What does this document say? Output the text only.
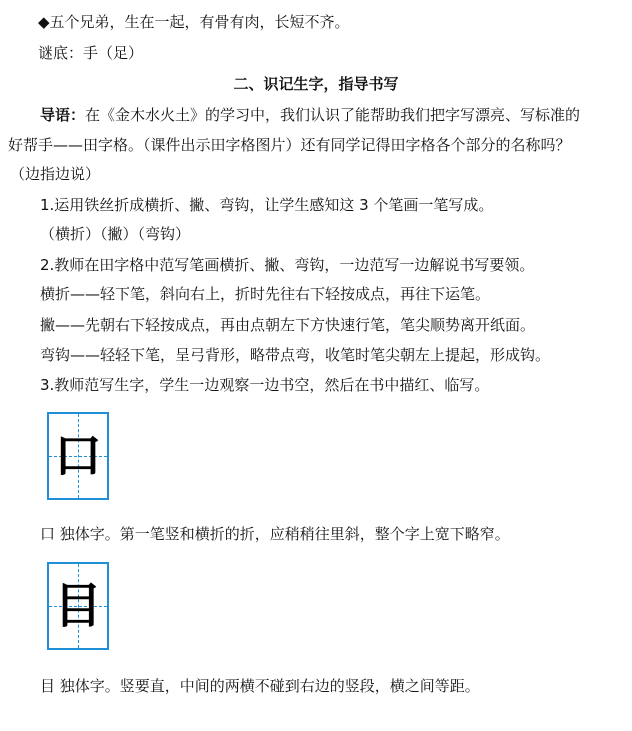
◆五个兄弟，生在一起，有骨有肉，长短不齐。
谜底：手（足）
二、识记生字，指导书写
导语：在《金木水火土》的学习中，我们认识了能帮助我们把字写漂亮、写标准的
好帮手——田字格。（课件出示田字格图片）还有同学记得田字格各个部分的名称吗？
（边指边说）
1.运用铁丝折成横折、撇、弯钩，让学生感知这 3 个笔画一笔写成。
（横折）（撇）（弯钩）
2.教师在田字格中范写笔画横折、撇、弯钩，一边范写一边解说书写要领。
横折——轻下笔，斜向右上，折时先往右下轻按成点，再往下运笔。
撇——先朝右下轻按成点，再由点朝左下方快速行笔，笔尖顺势离开纸面。
弯钩——轻轻下笔，呈弓背形，略带点弯，收笔时笔尖朝左上提起，形成钩。
3.教师范写生字，学生一边观察一边书空，然后在书中描红、临写。
口
口 独体字。第一笔竖和横折的折，应稍稍往里斜，整个字上宽下略窄。
目
目 独体字。竖要直，中间的两横不碰到右边的竖段，横之间等距。
